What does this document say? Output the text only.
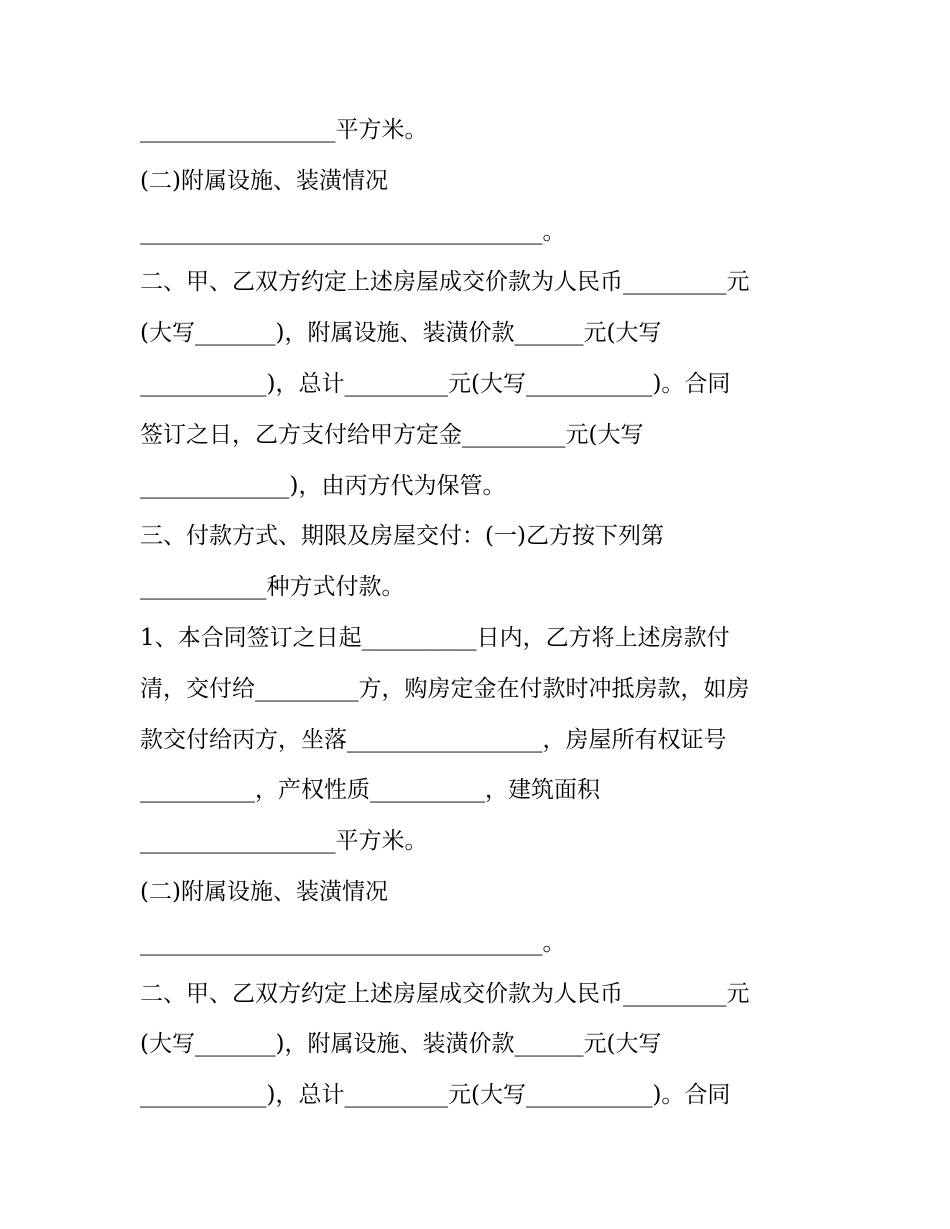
_________________平方米。
(二)附属设施、装潢情况
___________________________________。
二、甲、乙双方约定上述房屋成交价款为人民币_________元
(大写_______)，附属设施、装潢价款______元(大写
___________)，总计_________元(大写___________)。合同
签订之日，乙方支付给甲方定金_________元(大写
_____________)，由丙方代为保管。
三、付款方式、期限及房屋交付：(一)乙方按下列第
___________种方式付款。
1、本合同签订之日起__________日内，乙方将上述房款付
清，交付给_________方，购房定金在付款时冲抵房款，如房
款交付给丙方，坐落_________________，房屋所有权证号
__________，产权性质__________，建筑面积
_________________平方米。
(二)附属设施、装潢情况
___________________________________。
二、甲、乙双方约定上述房屋成交价款为人民币_________元
(大写_______)，附属设施、装潢价款______元(大写
___________)，总计_________元(大写___________)。合同
